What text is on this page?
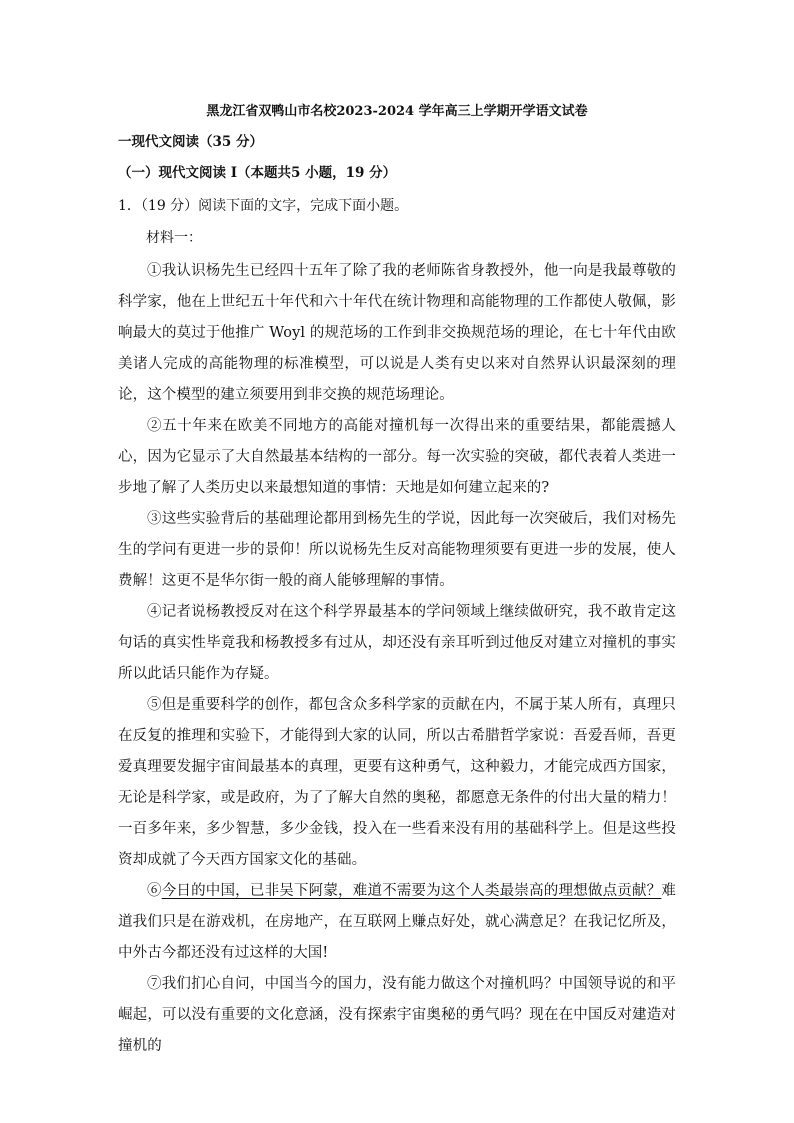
黑龙江省双鸭山市名校2023-2024 学年高三上学期开学语文试卷
一现代文阅读（35 分）
（一）现代文阅读 I（本题共5 小题，19 分）
1．（19 分）阅读下面的文字，完成下面小题。
材料一：

①我认识杨先生已经四十五年了除了我的老师陈省身教授外，他一向是我最尊敬的科学家，他在上世纪五十年代和六十年代在统计物理和高能物理的工作都使人敬佩，影响最大的莫过于他推广 Woyl 的规范场的工作到非交换规范场的理论，在七十年代由欧美诸人完成的高能物理的标准模型，可以说是人类有史以来对自然界认识最深刻的理论，这个模型的建立须要用到非交换的规范场理论。

②五十年来在欧美不同地方的高能对撞机每一次得出来的重要结果，都能震撼人心，因为它显示了大自然最基本结构的一部分。每一次实验的突破，都代表着人类进一步地了解了人类历史以来最想知道的事情：天地是如何建立起来的?

③这些实验背后的基础理论都用到杨先生的学说，因此每一次突破后，我们对杨先生的学问有更进一步的景仰！所以说杨先生反对高能物理须要有更进一步的发展，使人费解！这更不是华尔街一般的商人能够理解的事情。

④记者说杨教授反对在这个科学界最基本的学问领域上继续做研究，我不敢肯定这句话的真实性毕竟我和杨教授多有过从，却还没有亲耳听到过他反对建立对撞机的事实所以此话只能作为存疑。

⑤但是重要科学的创作，都包含众多科学家的贡献在内，不属于某人所有，真理只在反复的推理和实验下，才能得到大家的认同，所以古希腊哲学家说：吾爱吾师，吾更爱真理要发掘宇宙间最基本的真理，更要有这种勇气，这种毅力，才能完成西方国家，无论是科学家，或是政府，为了了解大自然的奥秘，都愿意无条件的付出大量的精力！一百多年来，多少智慧，多少金钱，投入在一些看来没有用的基础科学上。但是这些投资却成就了今天西方国家文化的基础。

⑥今日的中国，已非吴下阿蒙，难道不需要为这个人类最崇高的理想做点贡献？难道我们只是在游戏机，在房地产，在互联网上赚点好处，就心满意足？在我记忆所及，中外古今都还没有过这样的大国!

⑦我们扪心自问，中国当今的国力，没有能力做这个对撞机吗？中国领导说的和平崛起，可以没有重要的文化意涵，没有探索宇宙奥秘的勇气吗？现在在中国反对建造对撞机的
